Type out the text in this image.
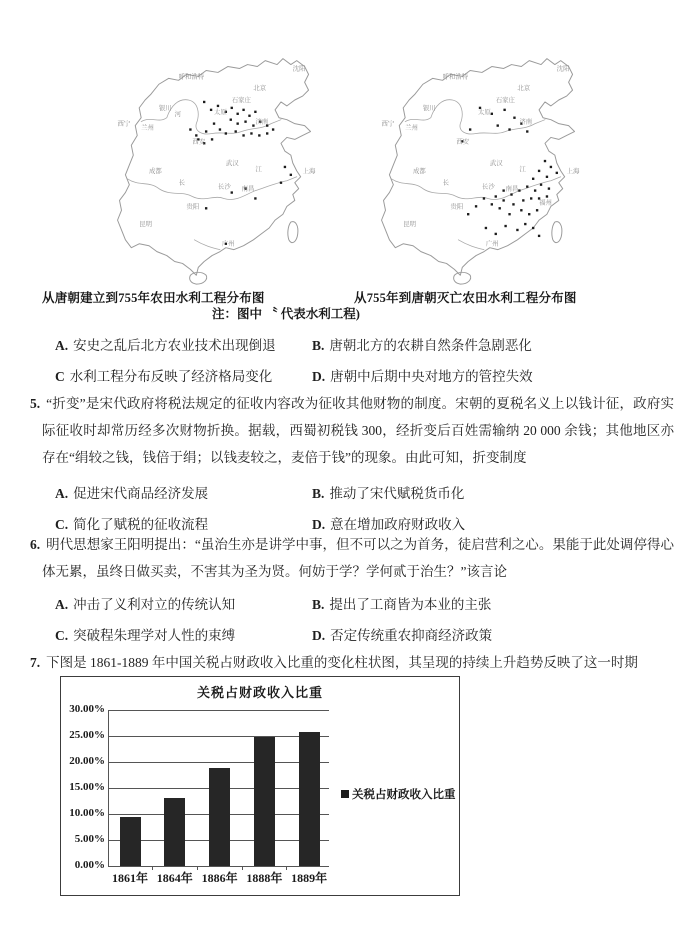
呼和浩特
沈阳
北京
石家庄
太原
济南
银川
西宁
兰州
西安
成都
武汉
上海
南昌
长沙
贵阳
昆明
广州
河
长
江
呼和浩特
沈阳
北京
石家庄
太原
济南
银川
西宁
兰州
西安
成都
武汉
上海
南昌
长沙
贵阳
昆明
广州
福州
长
江
从唐朝建立到755年农田水利工程分布图	从755年到唐朝灭亡农田水利工程分布图
注：图中 〝 代表水利工程)
A. 安史之乱后北方农业技术出现倒退	B. 唐朝北方的农耕自然条件急剧恶化
C 水利工程分布反映了经济格局变化	D. 唐朝中后期中央对地方的管控失效

5. “折变”是宋代政府将税法规定的征收内容改为征收其他财物的制度。宋朝的夏税名义上以钱计征，政府实际征收时却常历经多次财物折换。据载，西蜀初税钱 300，经折变后百姓需输纳 20 000 余钱；其他地区亦存在“绢较之钱，钱倍于绢；以钱麦较之，麦倍于钱”的现象。由此可知，折变制度

A. 促进宋代商品经济发展	B. 推动了宋代赋税货币化
C. 简化了赋税的征收流程	D. 意在增加政府财政收入

6. 明代思想家王阳明提出：“虽治生亦是讲学中事，但不可以之为首务，徒启营利之心。果能于此处调停得心体无累，虽终日做买卖，不害其为圣为贤。何妨于学？学何贰于治生？”该言论

A. 冲击了义利对立的传统认知	B. 提出了工商皆为本业的主张
C. 突破程朱理学对人性的束缚	D. 否定传统重农抑商经济政策

7. 下图是 1861-1889 年中国关税占财政收入比重的变化柱状图，其呈现的持续上升趋势反映了这一时期

关税占财政收入比重
关税占财政收入比重
0.00%
5.00%
10.00%
15.00%
20.00%
25.00%
30.00%
1861年 1864年 1886年 1888年 1889年
